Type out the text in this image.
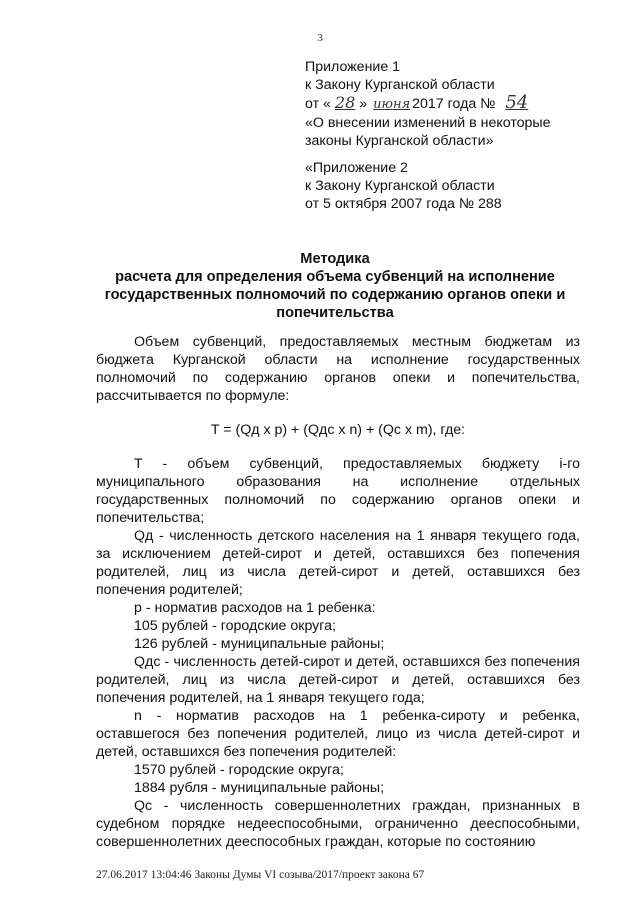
3
Приложение 1
к Закону Курганской области
от « 28 » июня 2017 года № 54
«О внесении изменений в некоторые
законы Курганской области»
«Приложение 2
к Закону Курганской области
от 5 октября 2007 года № 288
Методика
расчета для определения объема субвенций на исполнение
государственных полномочий по содержанию органов опеки и
попечительства

Объем субвенций, предоставляемых местным бюджетам из бюджета Курганской области на исполнение государственных полномочий по содержанию органов опеки и попечительства, рассчитывается по формуле:

T = (Qд x p) + (Qдс x n) + (Qс x m), где:

T - объем субвенций, предоставляемых бюджету i-го муниципального образования на исполнение отдельных государственных полномочий по содержанию органов опеки и попечительства;

Qд - численность детского населения на 1 января текущего года, за исключением детей-сирот и детей, оставшихся без попечения родителей, лиц из числа детей-сирот и детей, оставшихся без попечения родителей;

p - норматив расходов на 1 ребенка:

105 рублей - городские округа;

126 рублей - муниципальные районы;

Qдс - численность детей-сирот и детей, оставшихся без попечения родителей, лиц из числа детей-сирот и детей, оставшихся без попечения родителей, на 1 января текущего года;

n - норматив расходов на 1 ребенка-сироту и ребенка, оставшегося без попечения родителей, лицо из числа детей-сирот и детей, оставшихся без попечения родителей:

1570 рублей - городские округа;

1884 рубля - муниципальные районы;

Qс - численность совершеннолетних граждан, признанных в судебном порядке недееспособными, ограниченно дееспособными, совершеннолетних дееспособных граждан, которые по состоянию

27.06.2017 13:04:46 Законы Думы VI созыва/2017/проект закона 67
